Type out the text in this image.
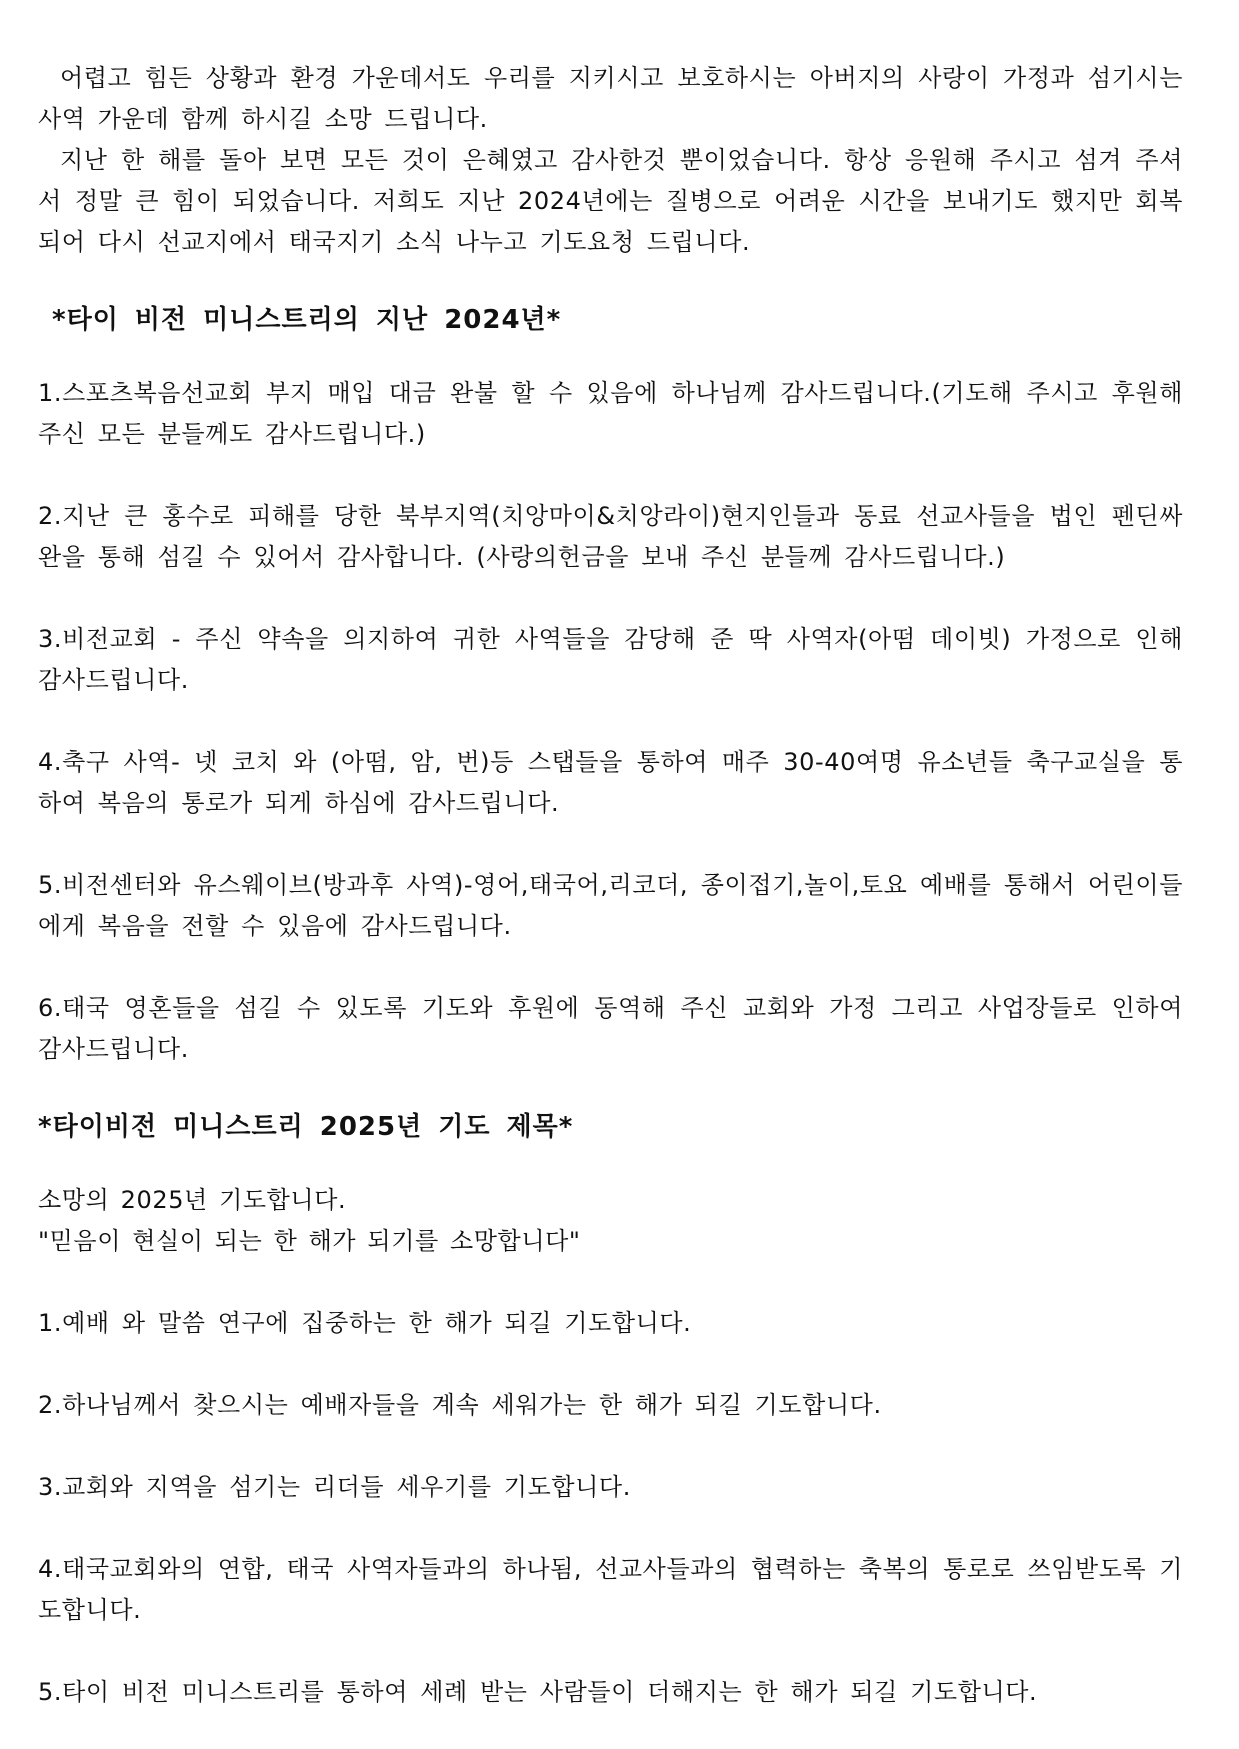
어렵고 힘든 상황과 환경 가운데서도 우리를 지키시고 보호하시는 아버지의 사랑이 가정과 섬기시는 사역 가운데 함께 하시길 소망 드립니다.

지난 한 해를 돌아 보면 모든 것이 은혜였고 감사한것 뿐이었습니다. 항상 응원해 주시고 섬겨 주셔서 정말 큰 힘이 되었습니다. 저희도 지난 2024년에는 질병으로 어려운 시간을 보내기도 했지만 회복되어 다시 선교지에서 태국지기 소식 나누고 기도요청 드립니다.

*타이 비전 미니스트리의 지난 2024년*

1.스포츠복음선교회 부지 매입 대금 완불 할 수 있음에 하나님께 감사드립니다.(기도해 주시고 후원해 주신 모든 분들께도 감사드립니다.)

2.지난 큰 홍수로 피해를 당한 북부지역(치앙마이&치앙라이)현지인들과 동료 선교사들을 법인 펜딘싸완을 통해 섬길 수 있어서 감사합니다. (사랑의헌금을 보내 주신 분들께 감사드립니다.)

3.비전교회 - 주신 약속을 의지하여 귀한 사역들을 감당해 준 딱 사역자(아떰 데이빗) 가정으로 인해 감사드립니다.

4.축구 사역- 넷 코치 와 (아떰, 암, 번)등 스탭들을 통하여 매주 30-40여명 유소년들 축구교실을 통하여 복음의 통로가 되게 하심에 감사드립니다.

5.비전센터와 유스웨이브(방과후 사역)-영어,태국어,리코더, 종이접기,놀이,토요 예배를 통해서 어린이들에게 복음을 전할 수 있음에 감사드립니다.

6.태국 영혼들을 섬길 수 있도록 기도와 후원에 동역해 주신 교회와 가정 그리고 사업장들로 인하여 감사드립니다.

*타이비전 미니스트리 2025년 기도 제목*

소망의 2025년 기도합니다.

"믿음이 현실이 되는 한 해가 되기를 소망합니다"

1.예배 와 말씀 연구에 집중하는 한 해가 되길 기도합니다.

2.하나님께서 찾으시는 예배자들을 계속 세워가는 한 해가 되길 기도합니다.

3.교회와 지역을 섬기는 리더들 세우기를 기도합니다.

4.태국교회와의 연합, 태국 사역자들과의 하나됨, 선교사들과의 협력하는 축복의 통로로 쓰임받도록 기도합니다.

5.타이 비전 미니스트리를 통하여 세례 받는 사람들이 더해지는 한 해가 되길 기도합니다.
